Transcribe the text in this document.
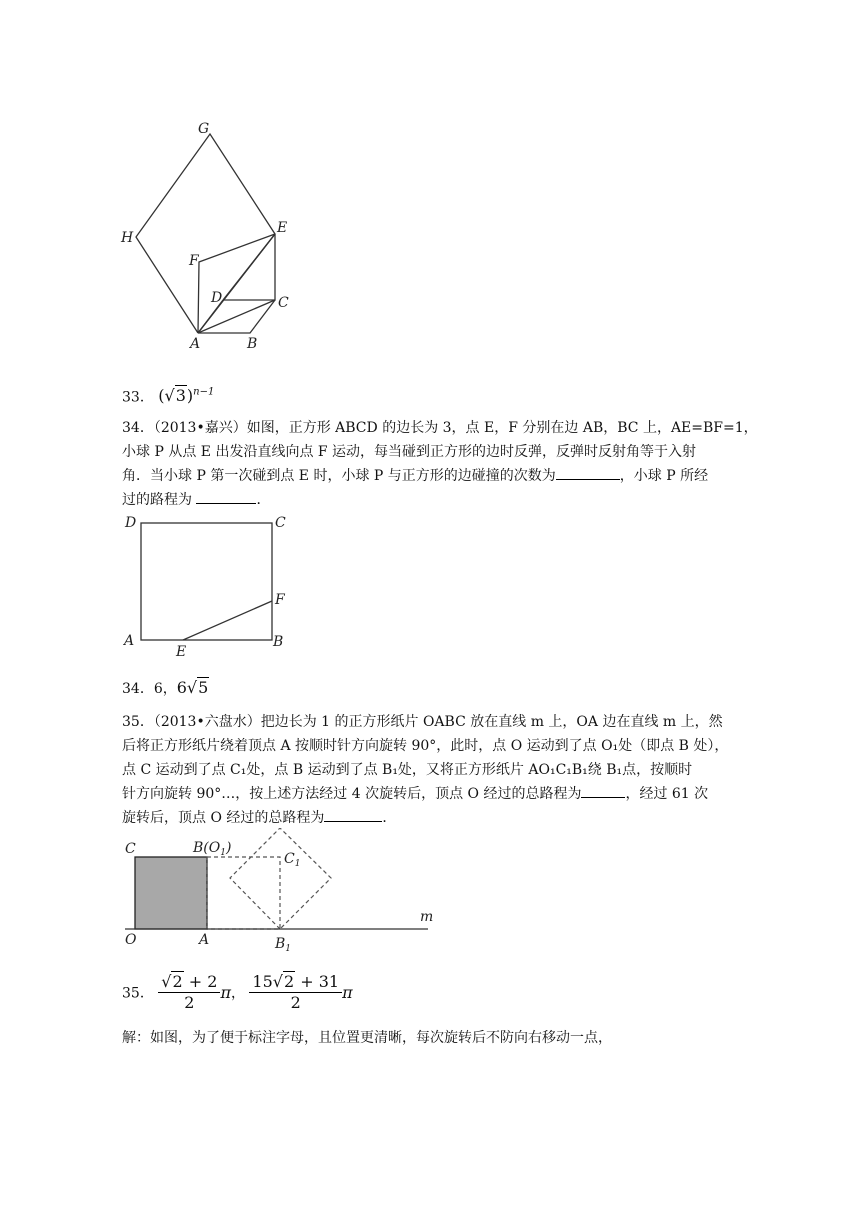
G
H
E
F
D	C
A	B
33． $(√3)^{n-1}$
34．（2013•嘉兴）如图，正方形 ABCD 的边长为 3，点 E，F 分别在边 AB，BC 上，AE=BF=1，
小球 P 从点 E 出发沿直线向点 F 运动，每当碰到正方形的边时反弹，反弹时反射角等于入射
角．当小球 P 第一次碰到点 E 时，小球 P 与正方形的边碰撞的次数为	，小球 P 所经
过的路程为	．
D	C
F
A
E
B
34．6，6√5
35．（2013•六盘水）把边长为 1 的正方形纸片 OABC 放在直线 m 上，OA 边在直线 m 上，然
后将正方形纸片绕着顶点 A 按顺时针方向旋转 90°，此时，点 O 运动到了点 O₁处（即点 B 处），
点 C 运动到了点 C₁处，点 B 运动到了点 B₁处，又将正方形纸片 AO₁C₁B₁绕 B₁点，按顺时
针方向旋转 90°…，按上述方法经过 4 次旋转后，顶点 O 经过的总路程为	，经过 61 次
旋转后，顶点 O 经过的总路程为	．
C	$B(O_1)$
$C_1$
m
O	A	$B_1$
35． $\frac{√2 + 2}{2}$ π， $\frac{15√2 + 31}{2}$ π
解：如图，为了便于标注字母，且位置更清晰，每次旋转后不防向右移动一点，
